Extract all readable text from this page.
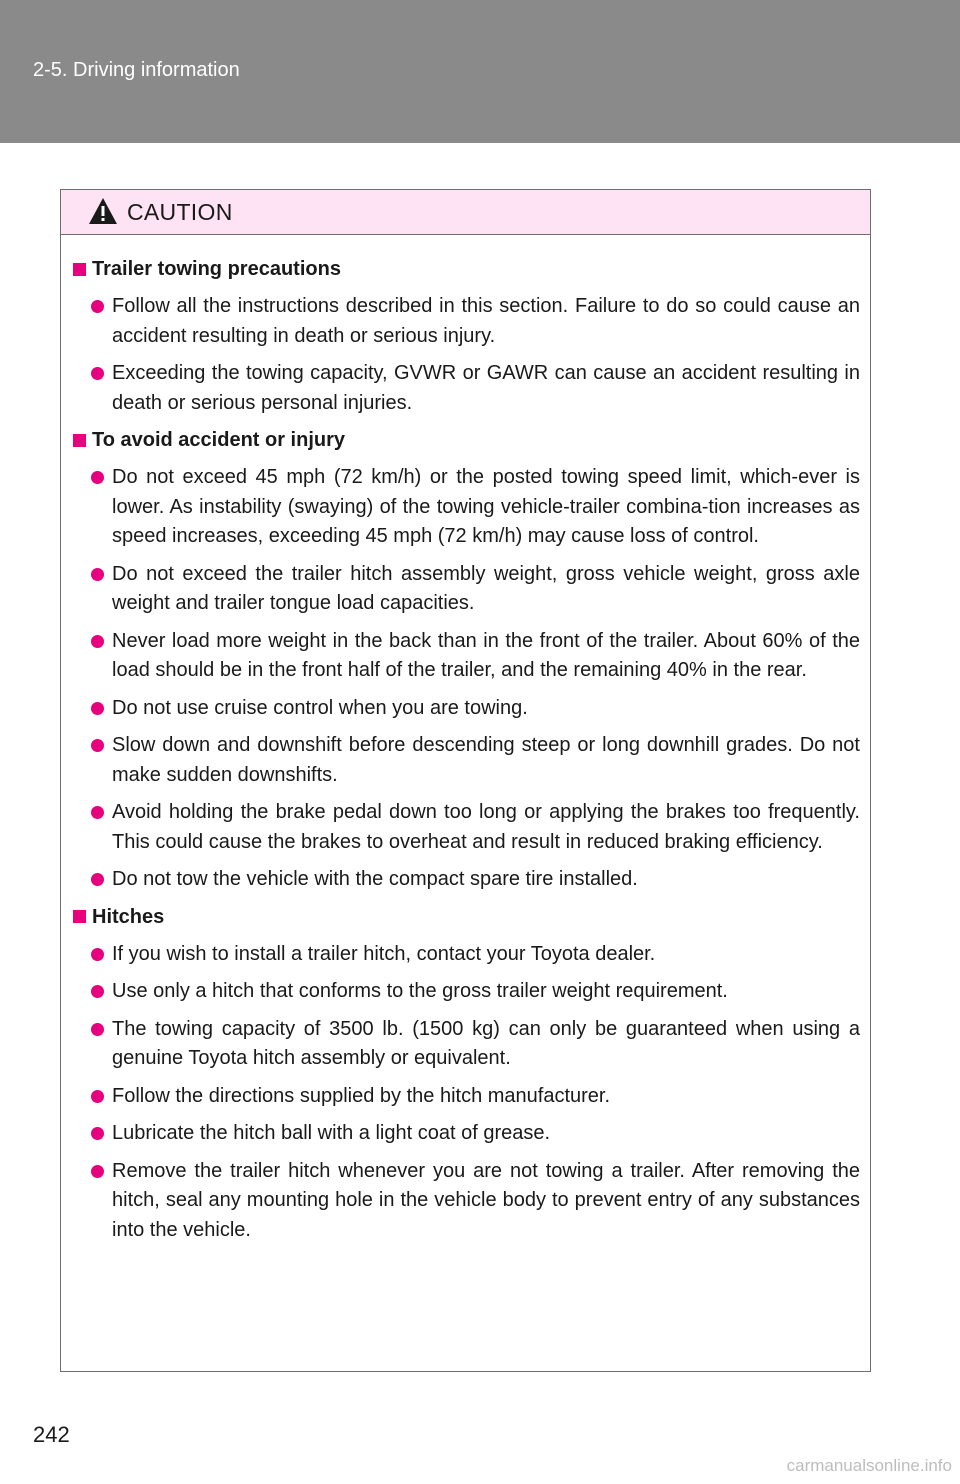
2-5. Driving information
CAUTION
Trailer towing precautions
Follow all the instructions described in this section. Failure to do so could cause an accident resulting in death or serious injury.
Exceeding the towing capacity, GVWR or GAWR can cause an accident resulting in death or serious personal injuries.
To avoid accident or injury
Do not exceed 45 mph (72 km/h) or the posted towing speed limit, which-ever is lower. As instability (swaying) of the towing vehicle-trailer combina-tion increases as speed increases, exceeding 45 mph (72 km/h) may cause loss of control.
Do not exceed the trailer hitch assembly weight, gross vehicle weight, gross axle weight and trailer tongue load capacities.
Never load more weight in the back than in the front of the trailer. About 60% of the load should be in the front half of the trailer, and the remaining 40% in the rear.
Do not use cruise control when you are towing.
Slow down and downshift before descending steep or long downhill grades. Do not make sudden downshifts.
Avoid holding the brake pedal down too long or applying the brakes too frequently. This could cause the brakes to overheat and result in reduced braking efficiency.
Do not tow the vehicle with the compact spare tire installed.
Hitches
If you wish to install a trailer hitch, contact your Toyota dealer.
Use only a hitch that conforms to the gross trailer weight requirement.
The towing capacity of 3500 lb. (1500 kg) can only be guaranteed when using a genuine Toyota hitch assembly or equivalent.
Follow the directions supplied by the hitch manufacturer.
Lubricate the hitch ball with a light coat of grease.
Remove the trailer hitch whenever you are not towing a trailer. After removing the hitch, seal any mounting hole in the vehicle body to prevent entry of any substances into the vehicle.
242
carmanualsonline.info
